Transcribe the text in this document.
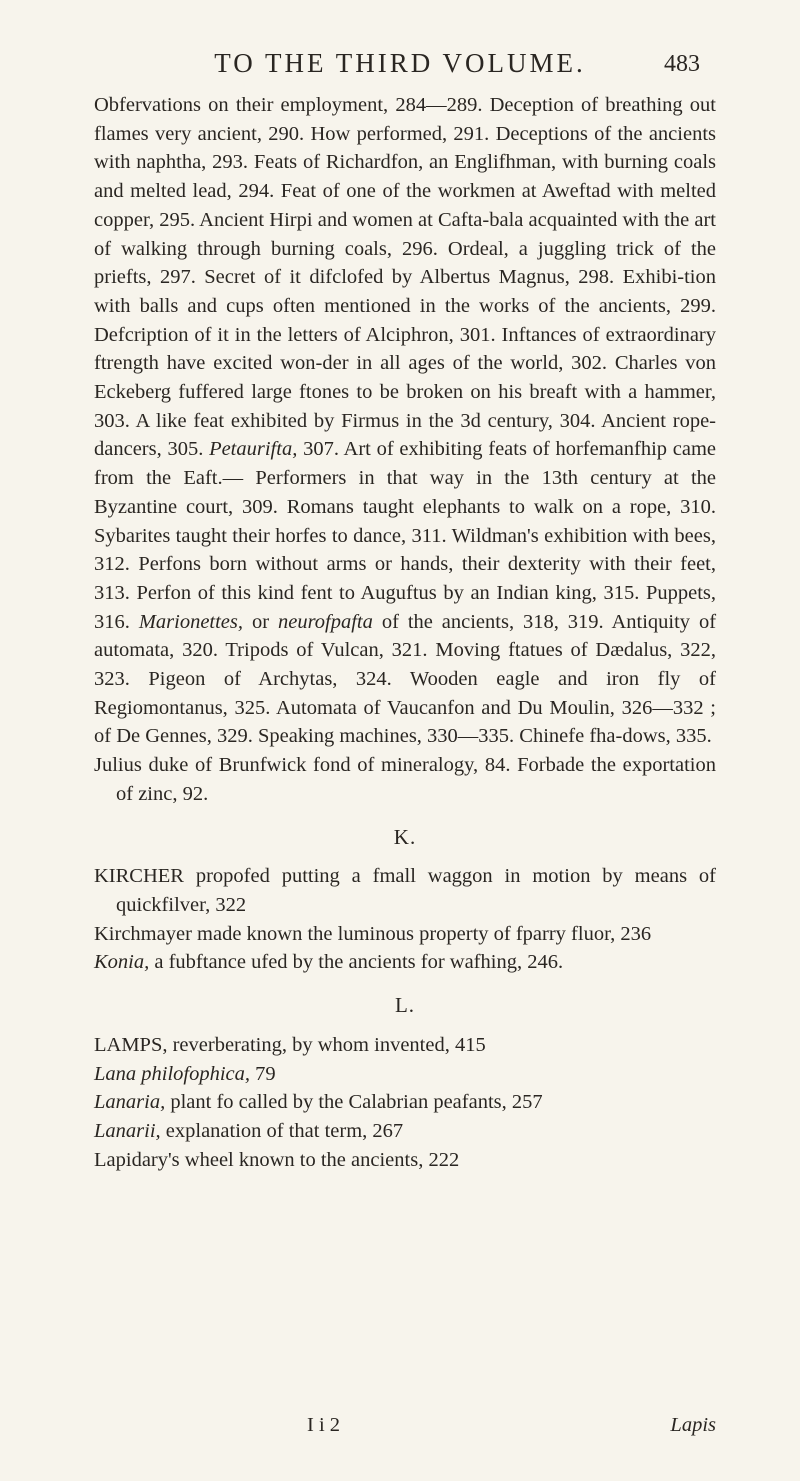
TO THE THIRD VOLUME.	483

Obfervations on their employment, 284—289. Deception of breathing out flames very ancient, 290. How performed, 291. Deceptions of the ancients with naphtha, 293. Feats of Richardfon, an Englifhman, with burning coals and melted lead, 294. Feat of one of the workmen at Aweftad with melted copper, 295. Ancient Hirpi and women at Cafta-bala acquainted with the art of walking through burning coals, 296. Ordeal, a juggling trick of the priefts, 297. Secret of it difclofed by Albertus Magnus, 298. Exhibi-tion with balls and cups often mentioned in the works of the ancients, 299. Defcription of it in the letters of Alciphron, 301. Inftances of extraordinary ftrength have excited won-der in all ages of the world, 302. Charles von Eckeberg fuffered large ftones to be broken on his breaft with a hammer, 303. A like feat exhibited by Firmus in the 3d century, 304. Ancient rope-dancers, 305. Petaurifta, 307. Art of exhibiting feats of horfemanfhip came from the Eaft.— Performers in that way in the 13th century at the Byzantine court, 309. Romans taught elephants to walk on a rope, 310. Sybarites taught their horfes to dance, 311. Wildman's exhibition with bees, 312. Perfons born without arms or hands, their dexterity with their feet, 313. Perfon of this kind fent to Auguftus by an Indian king, 315. Puppets, 316. Marionettes, or neurofpafta of the ancients, 318, 319. Antiquity of automata, 320. Tripods of Vulcan, 321. Moving ftatues of Dædalus, 322, 323. Pigeon of Archytas, 324. Wooden eagle and iron fly of Regiomontanus, 325. Automata of Vaucanfon and Du Moulin, 326—332 ; of De Gennes, 329. Speaking machines, 330—335. Chinefe fha-dows, 335.

Julius duke of Brunfwick fond of mineralogy, 84. Forbade the exportation of zinc, 92.

K.

KIRCHER propofed putting a fmall waggon in motion by means of quickfilver, 322

Kirchmayer made known the luminous property of fparry fluor, 236

Konia, a fubftance ufed by the ancients for wafhing, 246.

L.

LAMPS, reverberating, by whom invented, 415

Lana philofophica, 79

Lanaria, plant fo called by the Calabrian peafants, 257

Lanarii, explanation of that term, 267

Lapidary's wheel known to the ancients, 222

I i 2	Lapis
